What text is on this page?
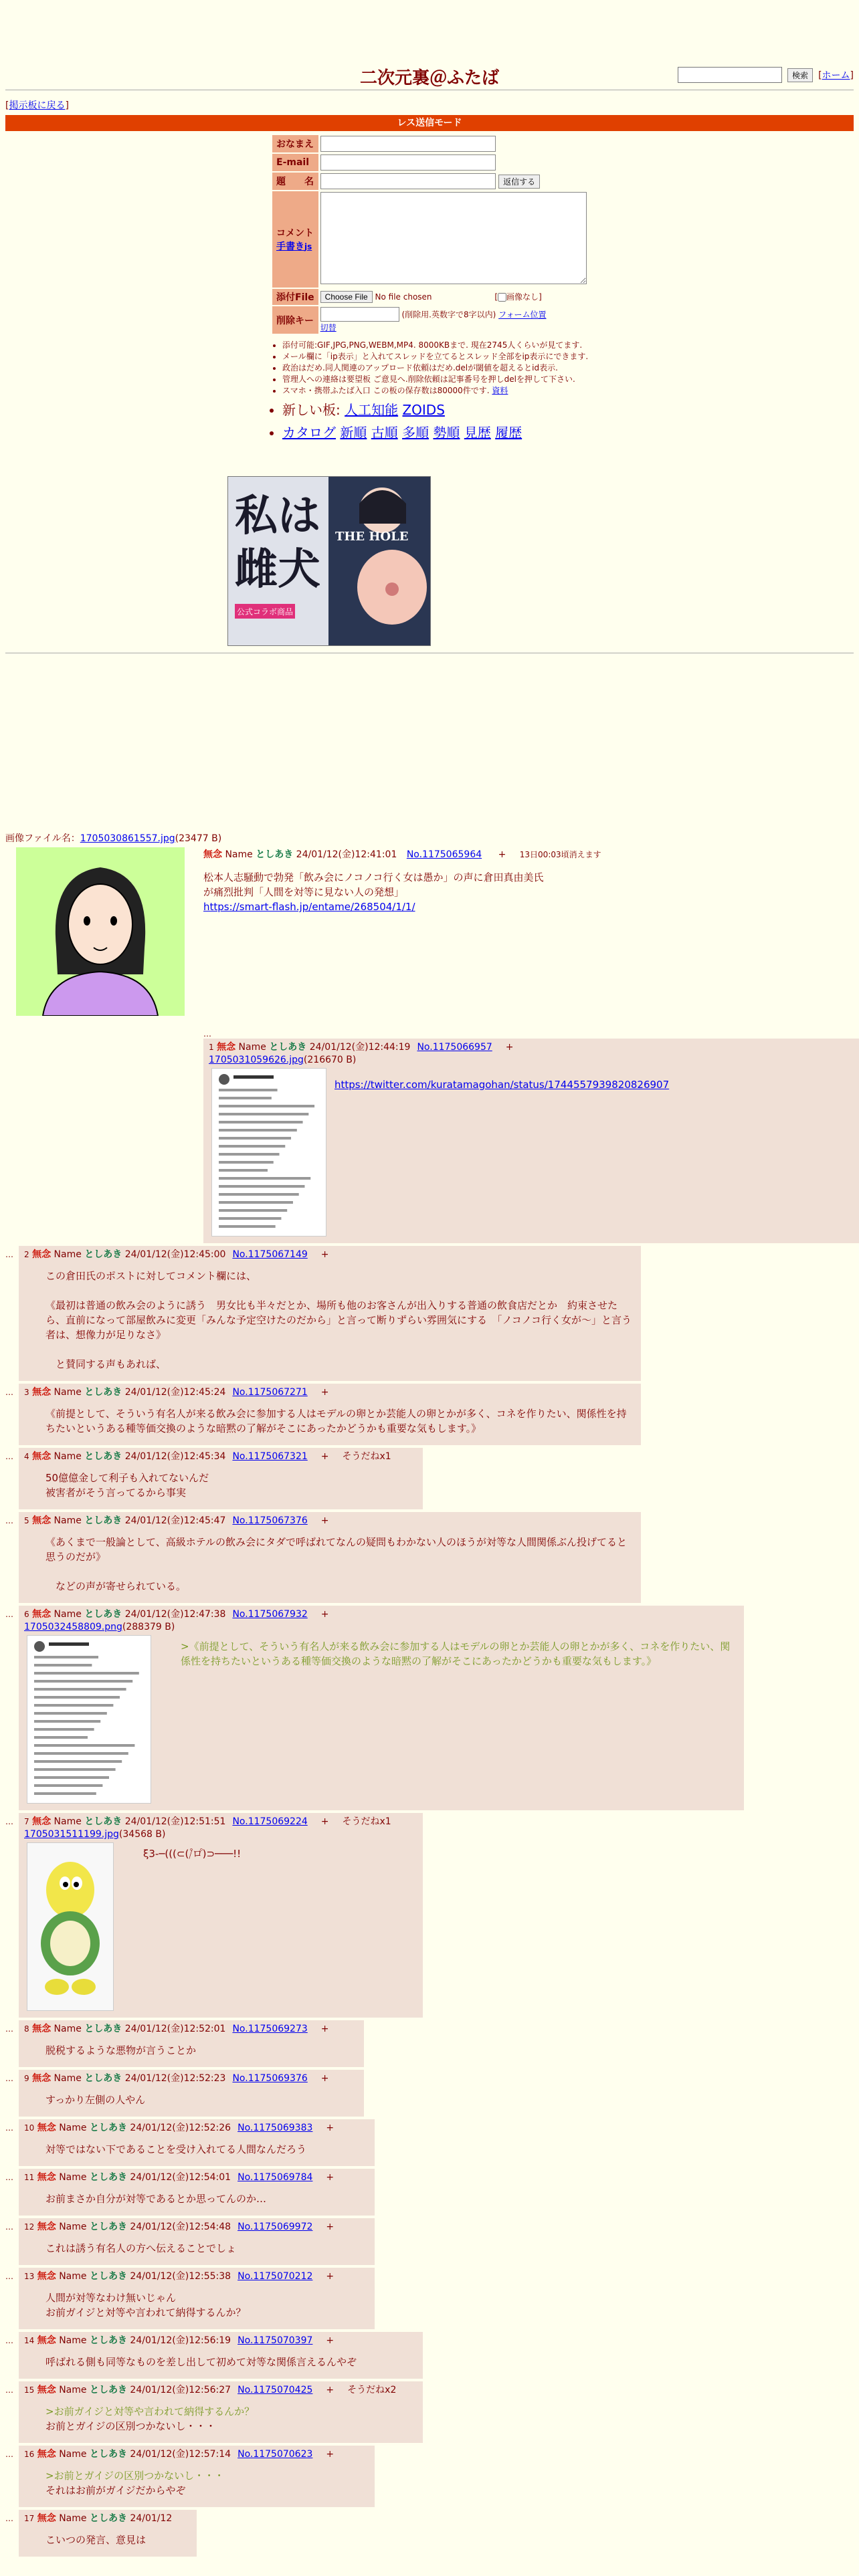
二次元裏＠ふたば	検索	[ホーム]
[掲示板に戻る]
レス送信モード
おなまえ	
E-mail	
題　　名	返信する

コメント
手書きjs	
添付File	Choose File No file chosen [ 画像なし]
削除キー	(削除用.英数字で8字以内) フォーム位置
切替
• 添付可能:GIF,JPG,PNG,WEBM,MP4. 8000KBまで. 現在2745人くらいが見てます.
• メール欄に「ip表示」と入れてスレッドを立てるとスレッド全部をip表示にできます.
• 政治はだめ.同人関連のアップロード依頼はだめ.delが閾値を超えるとid表示.
• 管理人への連絡は要望板 ご意見へ.削除依頼は記事番号を押しdelを押して下さい.
• スマホ・携帯ふたば入口 この板の保存数は80000件です. 資料
• 新しい板: 人工知能 ZOIDS
• カタログ 新順 古順 多順 勢順 見歴 履歴
公式コラボ商品
私は
雌犬
THE HOLE
画像ファイル名：1705030861557.jpg(23477 B)
無念 Name としあき 24/01/12(金)12:41:01 No.1175065964 + 13日00:03頃消えます
松本人志騒動で勃発「飲み会にノコノコ行く女は愚か」の声に倉田真由美氏
が痛烈批判「人間を対等に見ない人の発想」
https://smart-flash.jp/entame/268504/1/1/
…
1 無念 Name としあき 24/01/12(金)12:44:19 No.1175066957 +
1705031059626.jpg(216670 B)
https://twitter.com/kuratamagohan/status/1744557939820826907
… 2 無念 Name としあき 24/01/12(金)12:45:00 No.1175067149 +
この倉田氏のポストに対してコメント欄には、
《最初は普通の飲み会のように誘う　男女比も半々だとか、場所も他のお客さんが出入りする普通の飲食店だとか　約束させたら、直前になって部屋飲みに変更「みんな予定空けたのだから」と言って断りずらい雰囲気にする　「ノコノコ行く女が～」と言う者は、想像力が足りなさ》
　と賛同する声もあれば、
… 3 無念 Name としあき 24/01/12(金)12:45:24 No.1175067271 +
《前提として、そういう有名人が来る飲み会に参加する人はモデルの卵とか芸能人の卵とかが多く、コネを作りたい、関係性を持ちたいというある種等価交換のような暗黙の了解がそこにあったかどうかも重要な気もします。》
… 4 無念 Name としあき 24/01/12(金)12:45:34 No.1175067321 + そうだねx1
50億億金して利子も入れてないんだ
被害者がそう言ってるから事実
… 5 無念 Name としあき 24/01/12(金)12:45:47 No.1175067376 +
《あくまで一般論として、高級ホテルの飲み会にタダで呼ばれてなんの疑問もわかない人のほうが対等な人間関係ぶん投げてると思うのだが》
　などの声が寄せられている。
… 6 無念 Name としあき 24/01/12(金)12:47:38 No.1175067932 +
1705032458809.png(288379 B)
>《前提として、そういう有名人が来る飲み会に参加する人はモデルの卵とか芸能人の卵とかが多く、コネを作りたい、関係性を持ちたいというある種等価交換のような暗黙の了解がそこにあったかどうかも重要な気もします。》
… 7 無念 Name としあき 24/01/12(金)12:51:51 No.1175069224 + そうだねx1
1705031511199.jpg(34568 B)
ξ3-─(((⊂(/゚ロ゚)⊃───!!
… 8 無念 Name としあき 24/01/12(金)12:52:01 No.1175069273 +
脱税するような悪物が言うことか
… 9 無念 Name としあき 24/01/12(金)12:52:23 No.1175069376 +
すっかり左側の人やん
… 10 無念 Name としあき 24/01/12(金)12:52:26 No.1175069383 +
対等ではない下であることを受け入れてる人間なんだろう
… 11 無念 Name としあき 24/01/12(金)12:54:01 No.1175069784 +
お前まさか自分が対等であるとか思ってんのか…
… 12 無念 Name としあき 24/01/12(金)12:54:48 No.1175069972 +
これは誘う有名人の方へ伝えることでしょ
… 13 無念 Name としあき 24/01/12(金)12:55:38 No.1175070212 +
人間が対等なわけ無いじゃん
お前ガイジと対等や言われて納得するんか？
… 14 無念 Name としあき 24/01/12(金)12:56:19 No.1175070397 +
呼ばれる側も同等なものを差し出して初めて対等な関係言えるんやぞ
… 15 無念 Name としあき 24/01/12(金)12:56:27 No.1175070425 + そうだねx2
>お前ガイジと対等や言われて納得するんか？
お前とガイジの区別つかないし・・・
… 16 無念 Name としあき 24/01/12(金)12:57:14 No.1175070623 +
>お前とガイジの区別つかないし・・・
それはお前がガイジだからやぞ
… 17 無念 Name としあき 24/01/12
こいつの発言、意見は
